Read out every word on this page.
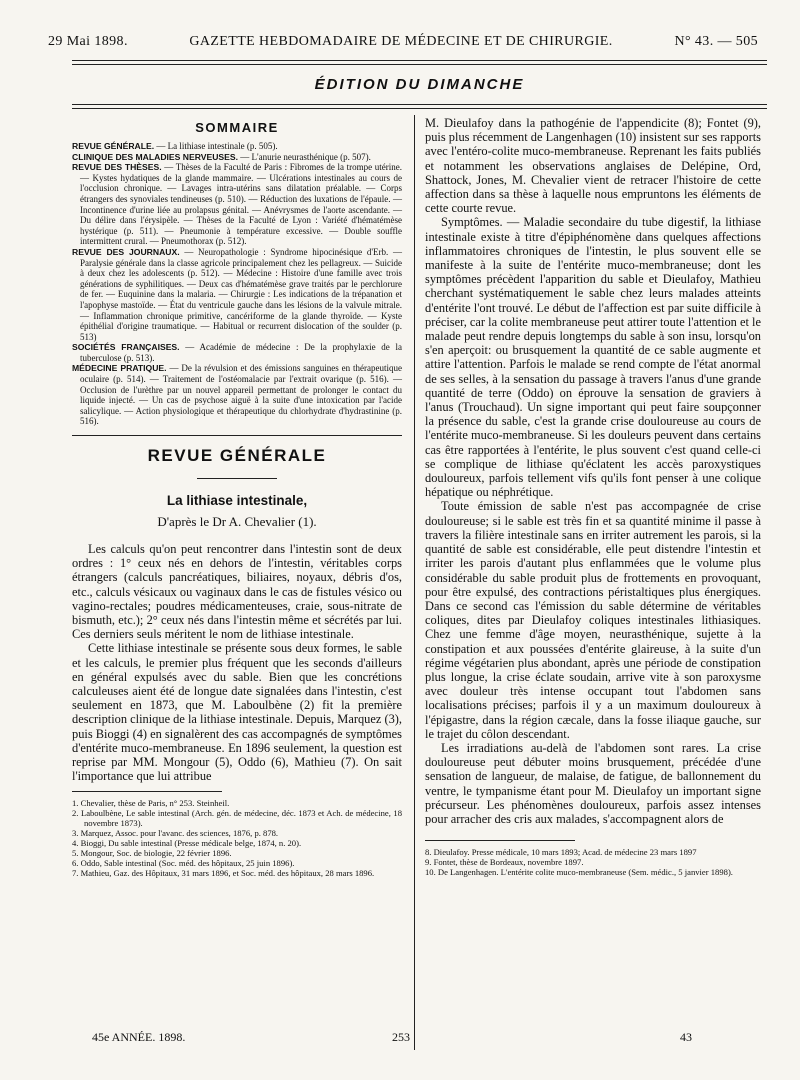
29 Mai 1898.	GAZETTE HEBDOMADAIRE DE MÉDECINE ET DE CHIRURGIE.	N° 43. — 505
ÉDITION DU DIMANCHE
SOMMAIRE

REVUE GÉNÉRALE. — La lithiase intestinale (p. 505).

CLINIQUE DES MALADIES NERVEUSES. — L'anurie neurasthénique (p. 507).

REVUE DES THÈSES. — Thèses de la Faculté de Paris : Fibromes de la trompe utérine. — Kystes hydatiques de la glande mammaire. — Ulcérations intestinales au cours de l'occlusion chronique. — Lavages intra-utérins sans dilatation préalable. — Corps étrangers des synoviales tendineuses (p. 510). — Réduction des luxations de l'épaule. — Incontinence d'urine liée au prolapsus génital. — Anévrysmes de l'aorte ascendante. — Du délire dans l'érysipèle. — Thèses de la Faculté de Lyon : Variété d'hématémèse hystérique (p. 511). — Pneumonie à température excessive. — Double souffle intermittent crural. — Pneumothorax (p. 512).

REVUE DES JOURNAUX. — Neuropathologie : Syndrome hipocinésique d'Erb. — Paralysie générale dans la classe agricole principalement chez les pellagreux. — Suicide à deux chez les adolescents (p. 512). — Médecine : Histoire d'une famille avec trois générations de syphilitiques. — Deux cas d'hématémèse grave traités par le perchlorure de fer. — Euquinine dans la malaria. — Chirurgie : Les indications de la trépanation et l'apophyse mastoïde. — État du ventricule gauche dans les lésions de la valvule mitrale. — Inflammation chronique primitive, cancériforme de la glande thyroïde. — Kyste épithélial d'origine traumatique. — Habitual or recurrent dislocation of the soulder (p. 513)

SOCIÉTÉS FRANÇAISES. — Académie de médecine : De la prophylaxie de la tuberculose (p. 513).

MÉDECINE PRATIQUE. — De la révulsion et des émissions sanguines en thérapeutique oculaire (p. 514). — Traitement de l'ostéomalacie par l'extrait ovarique (p. 516). — Occlusion de l'urèthre par un nouvel appareil permettant de prolonger le contact du liquide injecté. — Un cas de psychose aiguë à la suite d'une intoxication par l'acide salicylique. — Action physiologique et thérapeutique du chlorhydrate d'hydrastinine (p. 516).

REVUE GÉNÉRALE
La lithiase intestinale,
D'après le Dr A. Chevalier (1).

Les calculs qu'on peut rencontrer dans l'intestin sont de deux ordres : 1° ceux nés en dehors de l'intestin, véritables corps étrangers (calculs pancréatiques, biliaires, noyaux, débris d'os, etc., calculs vésicaux ou vaginaux dans le cas de fistules vésico ou vagino-rectales; poudres médicamenteuses, craie, sous-nitrate de bismuth, etc.); 2° ceux nés dans l'intestin même et sécrétés par lui. Ces derniers seuls méritent le nom de lithiase intestinale.

Cette lithiase intestinale se présente sous deux formes, le sable et les calculs, le premier plus fréquent que les seconds d'ailleurs en général expulsés avec du sable. Bien que les concrétions calculeuses aient été de longue date signalées dans l'intestin, c'est seulement en 1873, que M. Laboulbène (2) fit la première description clinique de la lithiase intestinale. Depuis, Marquez (3), puis Bioggi (4) en signalèrent des cas accompagnés de symptômes d'entérite muco-membraneuse. En 1896 seulement, la question est reprise par MM. Mongour (5), Oddo (6), Mathieu (7). On sait l'importance que lui attribue

1. Chevalier, thèse de Paris, n° 253. Steinheil.

2. Laboulbène, Le sable intestinal (Arch. gén. de médecine, déc. 1873 et Ach. de médecine, 18 novembre 1873).

3. Marquez, Assoc. pour l'avanc. des sciences, 1876, p. 878.

4. Bioggi, Du sable intestinal (Presse médicale belge, 1874, n. 20).

5. Mongour, Soc. de biologie, 22 février 1896.

6. Oddo, Sable intestinal (Soc. méd. des hôpitaux, 25 juin 1896).

7. Mathieu, Gaz. des Hôpitaux, 31 mars 1896, et Soc. méd. des hôpitaux, 28 mars 1896.

M. Dieulafoy dans la pathogénie de l'appendicite (8); Fontet (9), puis plus récemment de Langenhagen (10) insistent sur ses rapports avec l'entéro-colite muco-membraneuse. Reprenant les faits publiés et notamment les observations anglaises de Delépine, Ord, Shattock, Jones, M. Chevalier vient de retracer l'histoire de cette affection dans sa thèse à laquelle nous empruntons les éléments de cette courte revue.

Symptômes. — Maladie secondaire du tube digestif, la lithiase intestinale existe à titre d'épiphénomène dans quelques affections inflammatoires chroniques de l'intestin, le plus souvent elle se manifeste à la suite de l'entérite muco-membraneuse; dont les symptômes précèdent l'apparition du sable et Dieulafoy, Mathieu cherchant systématiquement le sable chez leurs malades atteints d'entérite l'ont trouvé. Le début de l'affection est par suite difficile à préciser, car la colite membraneuse peut attirer toute l'attention et le malade peut rendre depuis longtemps du sable à son insu, lorsqu'on s'en aperçoit: ou brusquement la quantité de ce sable augmente et attire l'attention. Parfois le malade se rend compte de l'état anormal de ses selles, à la sensation du passage à travers l'anus d'une grande quantité de terre (Oddo) on éprouve la sensation de graviers à l'anus (Trouchaud). Un signe important qui peut faire soupçonner la présence du sable, c'est la grande crise douloureuse au cours de l'entérite muco-membraneuse. Si les douleurs peuvent dans certains cas être rapportées à l'entérite, le plus souvent c'est quand celle-ci se complique de lithiase qu'éclatent les accès paroxystiques douloureux, parfois tellement vifs qu'ils font penser à une colique hépatique ou néphrétique.

Toute émission de sable n'est pas accompagnée de crise douloureuse; si le sable est très fin et sa quantité minime il passe à travers la filière intestinale sans en irriter autrement les parois, si la quantité de sable est considérable, elle peut distendre l'intestin et irriter les parois d'autant plus enflammées que le volume plus considérable du sable produit plus de frottements en provoquant, pour être expulsé, des contractions péristaltiques plus énergiques. Dans ce second cas l'émission du sable détermine de véritables coliques, dites par Dieulafoy coliques intestinales lithiasiques. Chez une femme d'âge moyen, neurasthénique, sujette à la constipation et aux poussées d'entérite glaireuse, à la suite d'un régime végétarien plus abondant, après une période de constipation plus longue, la crise éclate soudain, arrive vite à son paroxysme avec douleur très intense occupant tout l'abdomen sans localisations précises; parfois il y a un maximum douloureux à l'épigastre, dans la région cæcale, dans la fosse iliaque gauche, sur le trajet du côlon descendant.

Les irradiations au-delà de l'abdomen sont rares. La crise douloureuse peut débuter moins brusquement, précédée d'une sensation de langueur, de malaise, de fatigue, de ballonnement du ventre, le tympanisme étant pour M. Dieulafoy un important signe précurseur. Les phénomènes douloureux, parfois assez intenses pour arracher des cris aux malades, s'accompagnent alors de

8. Dieulafoy. Presse médicale, 10 mars 1893; Acad. de médecine 23 mars 1897

9. Fontet, thèse de Bordeaux, novembre 1897.

10. De Langenhagen. L'entérite colite muco-membraneuse (Sem. médic., 5 janvier 1898).

45e ANNÉE. 1898.	253	43
